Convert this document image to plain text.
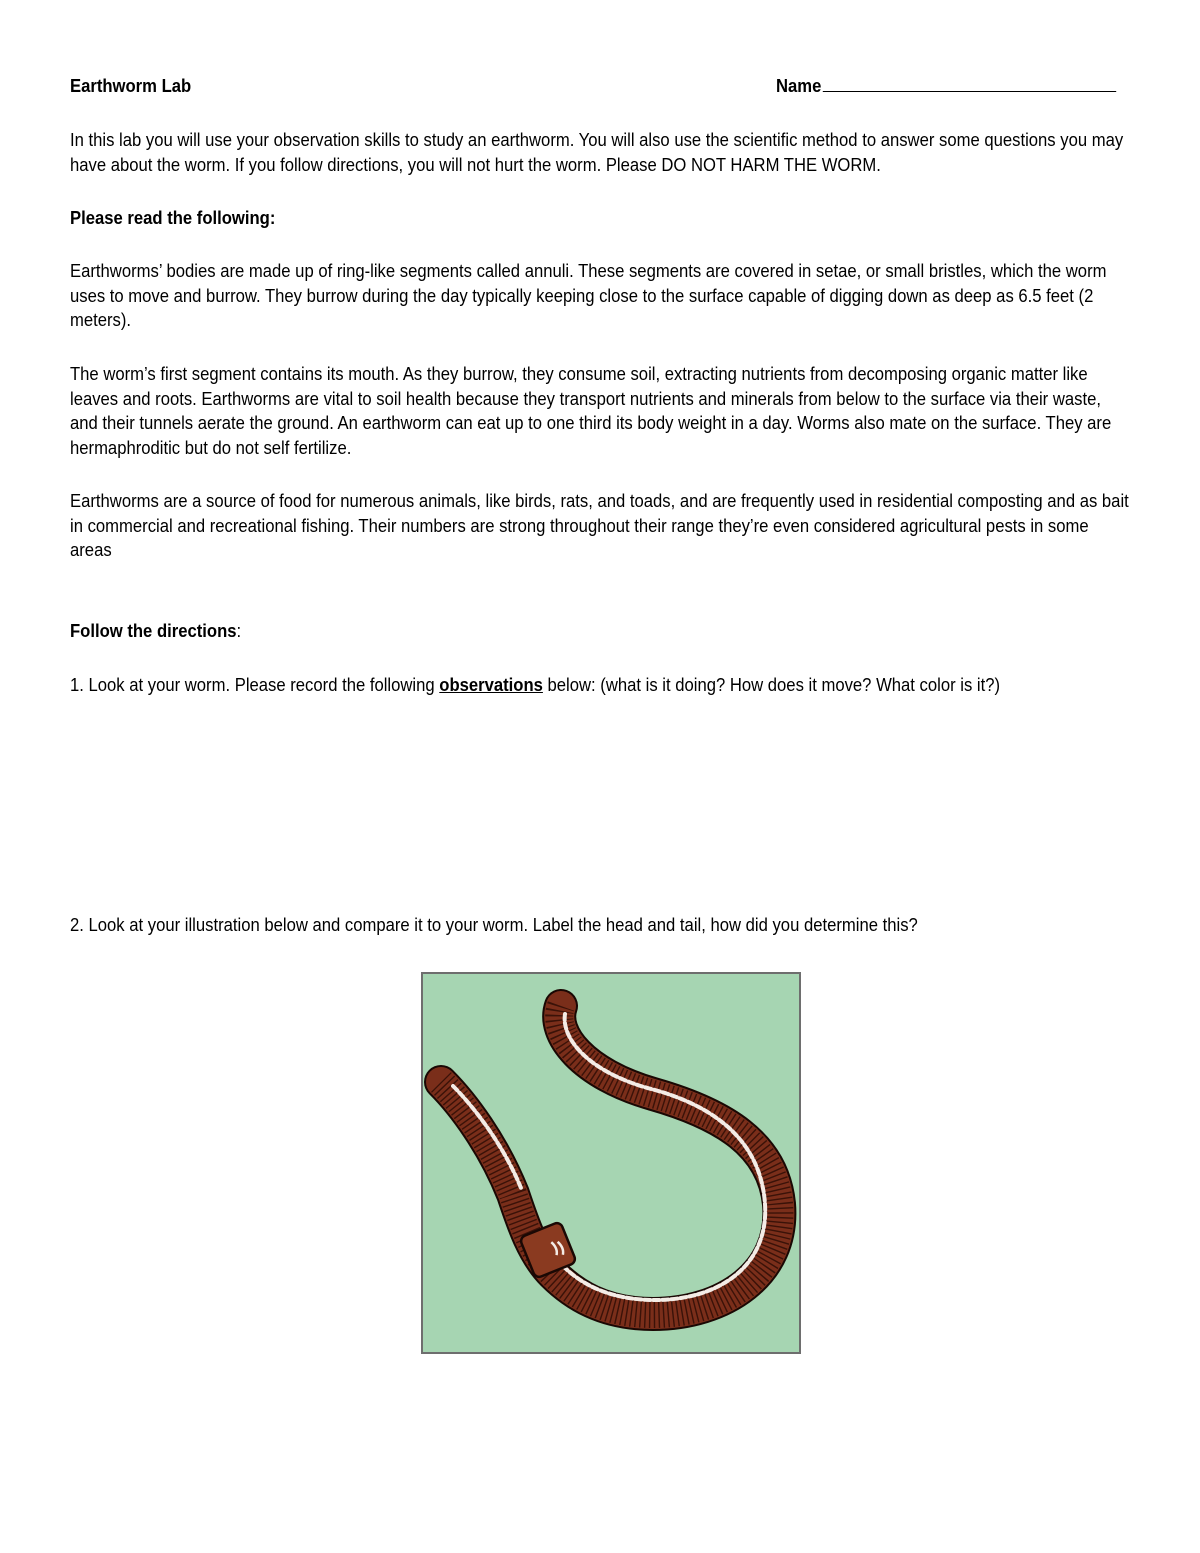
Earthworm Lab	Name
In this lab you will use your observation skills to study an earthworm. You will also use the scientific method to answer some questions you may have about the worm. If you follow directions, you will not hurt the worm. Please DO NOT HARM THE WORM.
Please read the following:
Earthworms’ bodies are made up of ring-like segments called annuli. These segments are covered in setae, or small bristles, which the worm uses to move and burrow. They burrow during the day typically keeping close to the surface capable of digging down as deep as 6.5 feet (2 meters).
The worm’s first segment contains its mouth. As they burrow, they consume soil, extracting nutrients from decomposing organic matter like leaves and roots. Earthworms are vital to soil health because they transport nutrients and minerals from below to the surface via their waste, and their tunnels aerate the ground. An earthworm can eat up to one third its body weight in a day. Worms also mate on the surface. They are hermaphroditic but do not self fertilize.
Earthworms are a source of food for numerous animals, like birds, rats, and toads, and are frequently used in residential composting and as bait in commercial and recreational fishing. Their numbers are strong throughout their range they’re even considered agricultural pests in some areas
Follow the directions:
1. Look at your worm. Please record the following observations below: (what is it doing? How does it move? What color is it?)
2. Look at your illustration below and compare it to your worm. Label the head and tail, how did you determine this?
